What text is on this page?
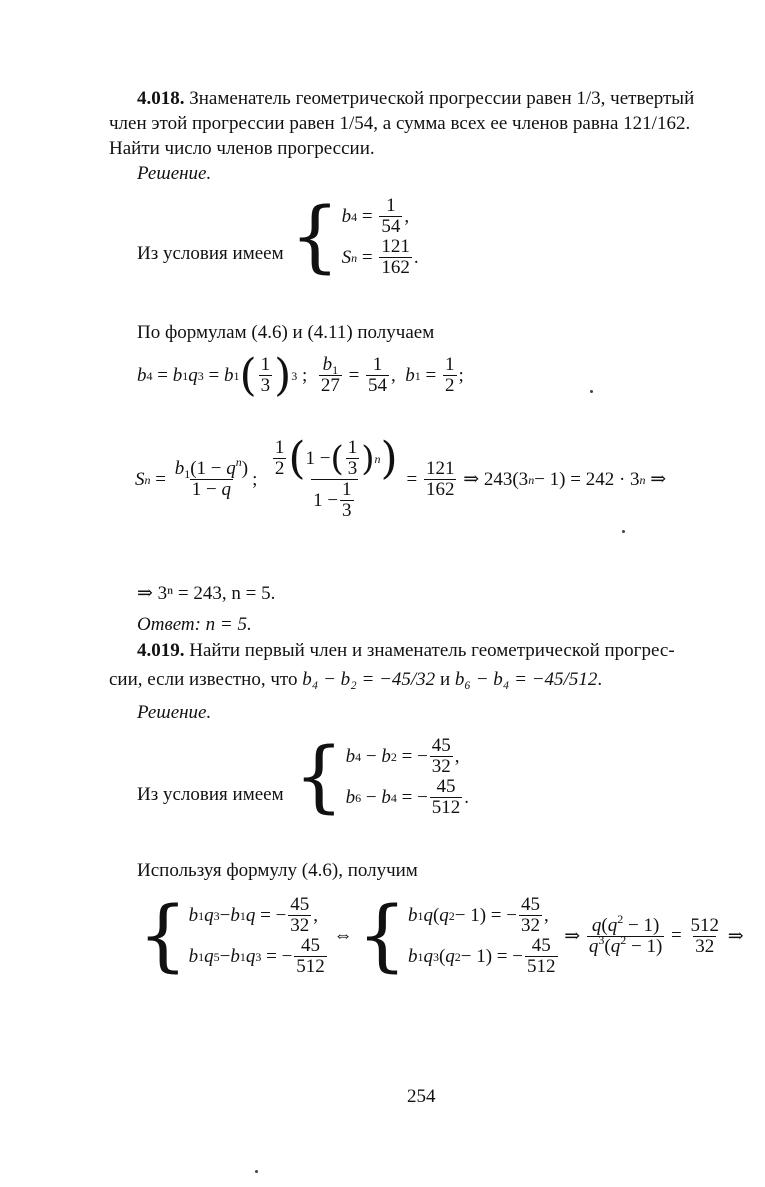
4.018. Знаменатель геометрической прогрессии равен 1/3, четвертый
член этой прогрессии равен 1/54, а сумма всех ее членов равна 121/162.
Найти число членов прогрессии.
Решение.
Из условия имеем { b $4 = \frac{1}{54}$ ,
S $n = \frac{121}{162}$ .
По формулам (4.6) и (4.11) получаем
b 4 = b 1 q 3 = b 1 ( $\frac{1}{3}$ ) 3 ; $\frac{b_1}{27} = \frac{1}{54}$ , b $1 = \frac{1}{2}$ ;
S $n = \frac{b_1(1 - q^n)}{1 - q}$ ; $\frac{\frac{1}{2} ( 1 - ( \frac{1}{3} ) n )}{1 - \frac{1}{3}} = \frac{121}{162}$ ⇒ 243(3 n − 1) = 242 · 3 n ⇒
⇒ 3ⁿ = 243, n = 5.
Ответ: n = 5.
4.019. Найти первый член и знаменатель геометрической прогрес-
сии, если известно, что b₄ − b₂ = −45/32 и b₆ − b₄ = −45/512.
Решение.
Из условия имеем { b 4 − b 2 = − $\frac{45}{32}$ ,
b 6 − b 4 = − $\frac{45}{512}$ .
Используя формулу (4.6), получим
{ b 1 q 3 − b 1 q = − $\frac{45}{32}$ ,
b 1 q 5 − b 1 q 3 = − $\frac{45}{512}$
⇔ { b 1 q ( q 2 − 1) = − $\frac{45}{32}$ ,
b 1 q 3 ( q 2 − 1) = − $\frac{45}{512}$ ⇒ $\frac{q(q^2 - 1)}{q^3(q^2 - 1)} = \frac{512}{32}$ ⇒
254
